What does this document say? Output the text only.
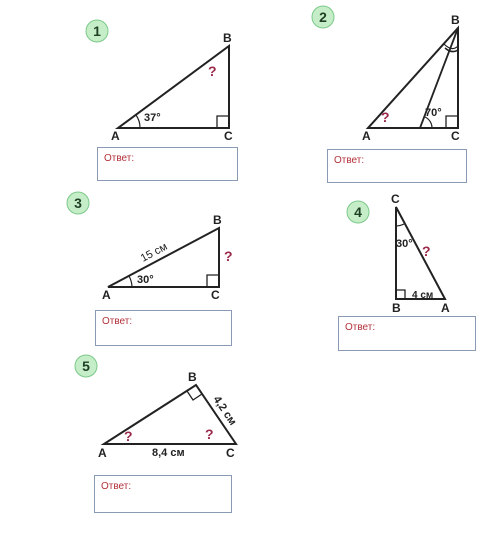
1
A
B
C
37°
?
2
A
B
C
70°
?
3
A
B
C
15 см
30°
?
4
C
B	A
30°
4 см
?
5
A
B
C
4,2 см
8,4 см
?	?
Ответ:	Ответ:
Ответ:
Ответ:
Ответ:
